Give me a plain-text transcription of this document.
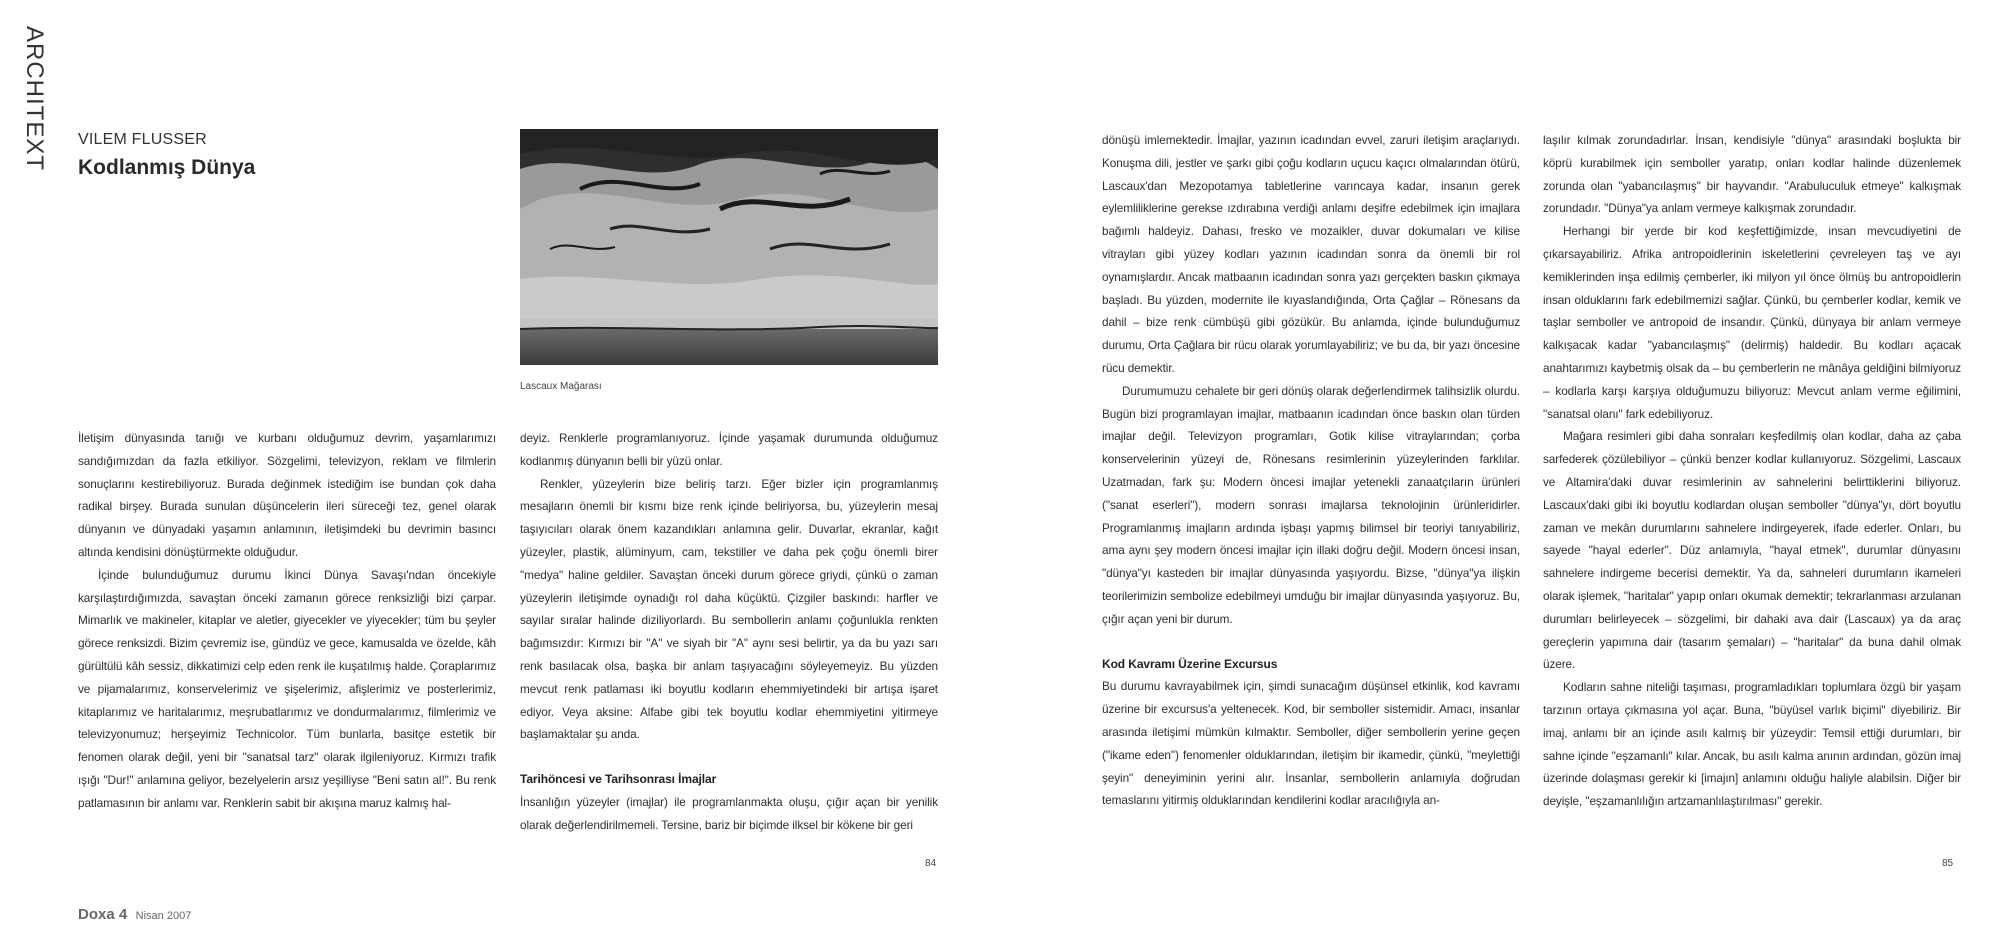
ARCHITEXT VILEM FLUSSER
Kodlanmış Dünya
Lascaux Mağarası

İletişim dünyasında tanığı ve kurbanı olduğumuz devrim, yaşamlarımızı sandığımızdan da fazla etkiliyor. Sözgelimi, televizyon, reklam ve filmlerin sonuçlarını kestirebiliyoruz. Burada değinmek istediğim ise bundan çok daha radikal birşey. Burada sunulan düşüncelerin ileri süreceği tez, genel olarak dünyanın ve dünyadaki yaşamın anlamının, iletişimdeki bu devrimin basıncı altında kendisini dönüştürmekte olduğudur.

İçinde bulunduğumuz durumu İkinci Dünya Savaşı'ndan öncekiyle karşılaştırdığımızda, savaştan önceki zamanın görece renksizliği bizi çarpar. Mimarlık ve makineler, kitaplar ve aletler, giyecekler ve yiyecekler; tüm bu şeyler görece renksizdi. Bizim çevremiz ise, gündüz ve gece, kamusalda ve özelde, kâh gürültülü kâh sessiz, dikkatimizi celp eden renk ile kuşatılmış halde. Çoraplarımız ve pijamalarımız, konservelerimiz ve şişelerimiz, afişlerimiz ve posterlerimiz, kitaplarımız ve haritalarımız, meşrubatlarımız ve dondurmalarımız, filmlerimiz ve televizyonumuz; herşeyimiz Technicolor. Tüm bunlarla, basitçe estetik bir fenomen olarak değil, yeni bir "sanatsal tarz" olarak ilgileniyoruz. Kırmızı trafik ışığı "Dur!" anlamına geliyor, bezelyelerin arsız yeşilliyse "Beni satın al!". Bu renk patlamasının bir anlamı var. Renklerin sabit bir akışına maruz kalmış hal-

deyiz. Renklerle programlanıyoruz. İçinde yaşamak durumunda olduğumuz kodlanmış dünyanın belli bir yüzü onlar.

Renkler, yüzeylerin bize beliriş tarzı. Eğer bizler için programlanmış mesajların önemli bir kısmı bize renk içinde beliriyorsa, bu, yüzeylerin mesaj taşıyıcıları olarak önem kazandıkları anlamına gelir. Duvarlar, ekranlar, kağıt yüzeyler, plastik, alüminyum, cam, tekstiller ve daha pek çoğu önemli birer "medya" haline geldiler. Savaştan önceki durum görece griydi, çünkü o zaman yüzeylerin iletişimde oynadığı rol daha küçüktü. Çizgiler baskındı: harfler ve sayılar sıralar halinde diziliyorlardı. Bu sembollerin anlamı çoğunlukla renkten bağımsızdır: Kırmızı bir "A" ve siyah bir "A" aynı sesi belirtir, ya da bu yazı sarı renk basılacak olsa, başka bir anlam taşıyacağını söyleyemeyiz. Bu yüzden mevcut renk patlaması iki boyutlu kodların ehemmiyetindeki bir artışa işaret ediyor. Veya aksine: Alfabe gibi tek boyutlu kodlar ehemmiyetini yitirmeye başlamaktalar şu anda.

Tarihöncesi ve Tarihsonrası İmajlar

İnsanlığın yüzeyler (imajlar) ile programlanmakta oluşu, çığır açan bir yenilik olarak değerlendirilmemeli. Tersine, bariz bir biçimde ilksel bir kökene bir geri

dönüşü imlemektedir. İmajlar, yazının icadından evvel, zaruri iletişim araçlarıydı. Konuşma dili, jestler ve şarkı gibi çoğu kodların uçucu kaçıcı olmalarından ötürü, Lascaux'dan Mezopotamya tabletlerine varıncaya kadar, insanın gerek eylemliliklerine gerekse ızdırabına verdiği anlamı deşifre edebilmek için imajlara bağımlı haldeyiz. Dahası, fresko ve mozaikler, duvar dokumaları ve kilise vitrayları gibi yüzey kodları yazının icadından sonra da önemli bir rol oynamışlardır. Ancak matbaanın icadından sonra yazı gerçekten baskın çıkmaya başladı. Bu yüzden, modernite ile kıyaslandığında, Orta Çağlar – Rönesans da dahil – bize renk cümbüşü gibi gözükür. Bu anlamda, içinde bulunduğumuz durumu, Orta Çağlara bir rücu olarak yorumlayabiliriz; ve bu da, bir yazı öncesine rücu demektir.

Durumumuzu cehalete bir geri dönüş olarak değerlendirmek talihsizlik olurdu. Bugün bizi programlayan imajlar, matbaanın icadından önce baskın olan türden imajlar değil. Televizyon programları, Gotik kilise vitraylarından; çorba konservelerinin yüzeyi de, Rönesans resimlerinin yüzeylerinden farklılar. Uzatmadan, fark şu: Modern öncesi imajlar yetenekli zanaatçıların ürünleri ("sanat eserleri"), modern sonrası imajlarsa teknolojinin ürünleridirler. Programlanmış imajların ardında işbaşı yapmış bilimsel bir teoriyi tanıyabiliriz, ama aynı şey modern öncesi imajlar için illaki doğru değil. Modern öncesi insan, "dünya"yı kasteden bir imajlar dünyasında yaşıyordu. Bizse, "dünya"ya ilişkin teorilerimizin sembolize edebilmeyi umduğu bir imajlar dünyasında yaşıyoruz. Bu, çığır açan yeni bir durum.

Kod Kavramı Üzerine Excursus

Bu durumu kavrayabilmek için, şimdi sunacağım düşünsel etkinlik, kod kavramı üzerine bir excursus'a yeltenecek. Kod, bir semboller sistemidir. Amacı, insanlar arasında iletişimi mümkün kılmaktır. Semboller, diğer sembollerin yerine geçen ("ikame eden") fenomenler olduklarından, iletişim bir ikamedir, çünkü, "meylettiği şeyin" deneyiminin yerini alır. İnsanlar, sembollerin anlamıyla doğrudan temaslarını yitirmiş olduklarından kendilerini kodlar aracılığıyla an-

laşılır kılmak zorundadırlar. İnsan, kendisiyle "dünya" arasındaki boşlukta bir köprü kurabilmek için semboller yaratıp, onları kodlar halinde düzenlemek zorunda olan "yabancılaşmış" bir hayvandır. "Arabuluculuk etmeye" kalkışmak zorundadır. "Dünya"ya anlam vermeye kalkışmak zorundadır.

Herhangi bir yerde bir kod keşfettiğimizde, insan mevcudiyetini de çıkarsayabiliriz. Afrika antropoidlerinin iskeletlerini çevreleyen taş ve ayı kemiklerinden inşa edilmiş çemberler, iki milyon yıl önce ölmüş bu antropoidlerin insan olduklarını fark edebilmemizi sağlar. Çünkü, bu çemberler kodlar, kemik ve taşlar semboller ve antropoid de insandır. Çünkü, dünyaya bir anlam vermeye kalkışacak kadar "yabancılaşmış" (delirmiş) haldedir. Bu kodları açacak anahtarımızı kaybetmiş olsak da – bu çemberlerin ne mânâya geldiğini bilmiyoruz – kodlarla karşı karşıya olduğumuzu biliyoruz: Mevcut anlam verme eğilimini, "sanatsal olanı" fark edebiliyoruz.

Mağara resimleri gibi daha sonraları keşfedilmiş olan kodlar, daha az çaba sarfederek çözülebiliyor – çünkü benzer kodlar kullanıyoruz. Sözgelimi, Lascaux ve Altamira'daki duvar resimlerinin av sahnelerini belirttiklerini biliyoruz. Lascaux'daki gibi iki boyutlu kodlardan oluşan semboller "dünya"yı, dört boyutlu zaman ve mekân durumlarını sahnelere indirgeyerek, ifade ederler. Onları, bu sayede "hayal ederler". Düz anlamıyla, "hayal etmek", durumlar dünyasını sahnelere indirgeme becerisi demektir. Ya da, sahneleri durumların ikameleri olarak işlemek, "haritalar" yapıp onları okumak demektir; tekrarlanması arzulanan durumları belirleyecek – sözgelimi, bir dahaki ava dair (Lascaux) ya da araç gereçlerin yapımına dair (tasarım şemaları) – "haritalar" da buna dahil olmak üzere.

Kodların sahne niteliği taşıması, programladıkları toplumlara özgü bir yaşam tarzının ortaya çıkmasına yol açar. Buna, "büyüsel varlık biçimi" diyebiliriz. Bir imaj, anlamı bir an içinde asılı kalmış bir yüzeydir: Temsil ettiği durumları, bir sahne içinde "eşzamanlı" kılar. Ancak, bu asılı kalma anının ardından, gözün imaj üzerinde dolaşması gerekir ki [imajın] anlamını olduğu haliyle alabilsin. Diğer bir deyişle, "eşzamanlılığın artzamanlılaştırılması" gerekir.

84	85
Doxa 4 Nisan 2007
